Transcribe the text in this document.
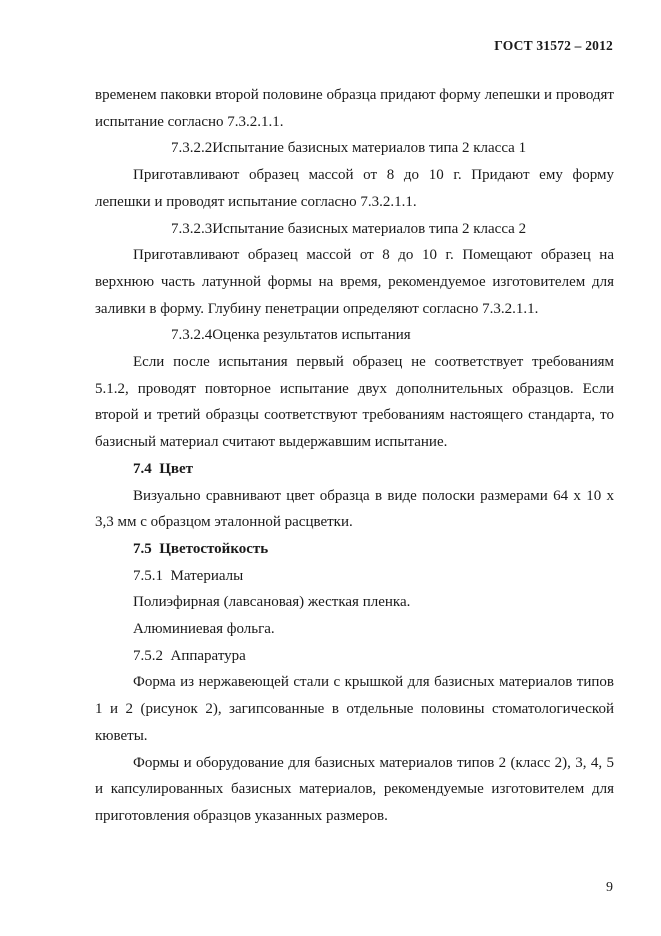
ГОСТ 31572 – 2012

временем паковки второй половине образца придают форму лепешки и проводят испытание согласно 7.3.2.1.1.

7.3.2.2Испытание базисных материалов типа 2 класса 1

Приготавливают образец массой от 8 до 10 г. Придают ему форму лепешки и проводят испытание согласно 7.3.2.1.1.

7.3.2.3Испытание базисных материалов типа 2 класса 2

Приготавливают образец массой от 8 до 10 г. Помещают образец на верхнюю часть латунной формы на время, рекомендуемое изготовителем для заливки в форму. Глубину пенетрации определяют согласно 7.3.2.1.1.

7.3.2.4Оценка результатов испытания

Если после испытания первый образец не соответствует требованиям 5.1.2, проводят повторное испытание двух дополнительных образцов. Если второй и третий образцы соответствуют требованиям настоящего стандарта, то базисный материал считают выдержавшим испытание.

7.4  Цвет

Визуально сравнивают цвет образца в виде полоски размерами 64 х 10 х 3,3 мм с образцом эталонной расцветки.

7.5  Цветостойкость

7.5.1  Материалы

Полиэфирная (лавсановая) жесткая пленка.

Алюминиевая фольга.

7.5.2  Аппаратура

Форма из нержавеющей стали с крышкой для базисных материалов типов 1 и 2 (рисунок 2), загипсованные в отдельные половины стоматологической кюветы.

Формы и оборудование для базисных материалов типов 2 (класс 2), 3, 4, 5 и капсулированных базисных материалов, рекомендуемые изготовителем для приготовления образцов указанных размеров.

9
